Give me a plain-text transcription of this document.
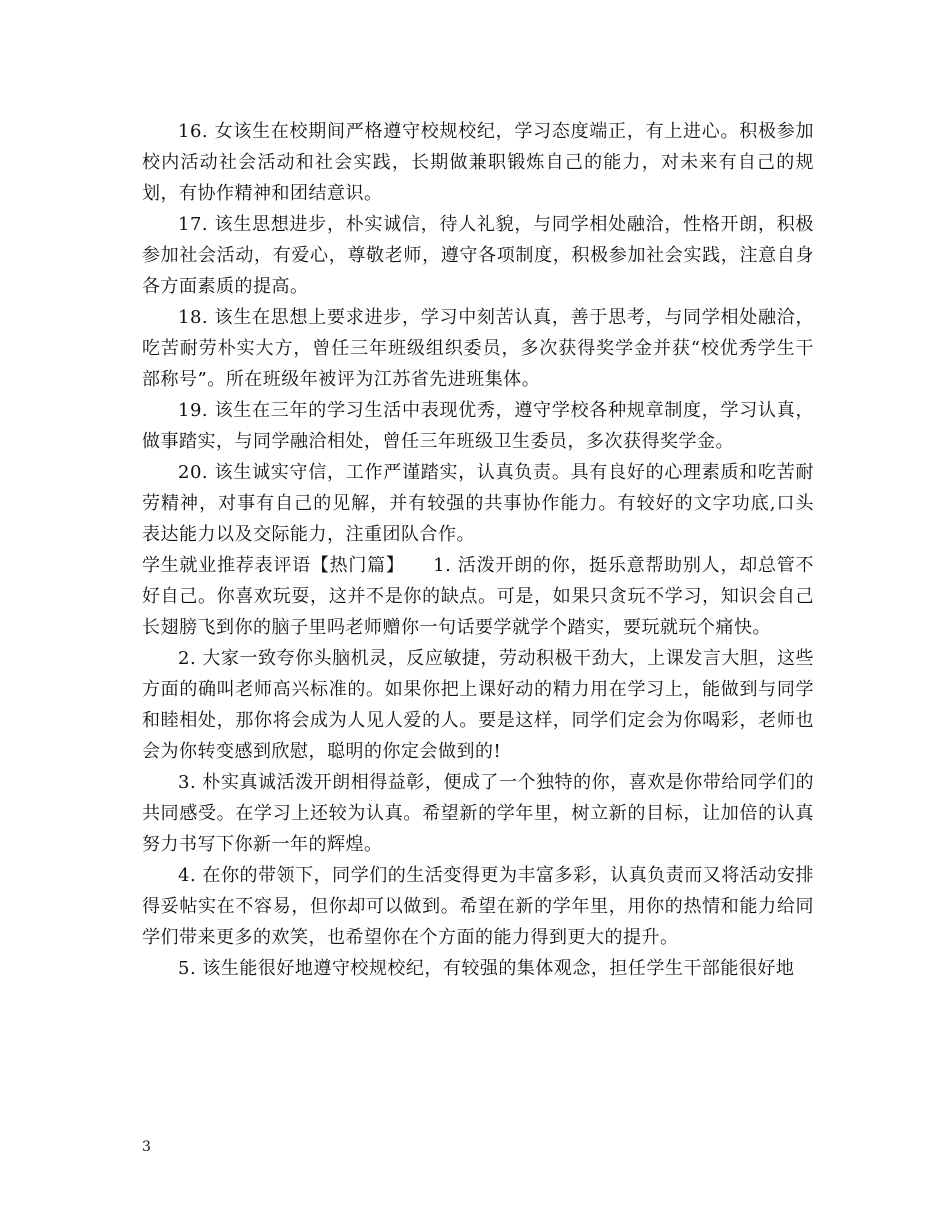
16. 女该生在校期间严格遵守校规校纪，学习态度端正，有上进心。积极参加校内活动社会活动和社会实践，长期做兼职锻炼自己的能力，对未来有自己的规划，有协作精神和团结意识。

17. 该生思想进步，朴实诚信，待人礼貌，与同学相处融洽，性格开朗，积极参加社会活动，有爱心，尊敬老师，遵守各项制度，积极参加社会实践，注意自身各方面素质的提高。

18. 该生在思想上要求进步，学习中刻苦认真，善于思考，与同学相处融洽，吃苦耐劳朴实大方，曾任三年班级组织委员，多次获得奖学金并获“校优秀学生干部称号”。所在班级年被评为江苏省先进班集体。

19. 该生在三年的学习生活中表现优秀，遵守学校各种规章制度，学习认真，做事踏实，与同学融洽相处，曾任三年班级卫生委员，多次获得奖学金。

20. 该生诚实守信，工作严谨踏实，认真负责。具有良好的心理素质和吃苦耐劳精神，对事有自己的见解，并有较强的共事协作能力。有较好的文字功底,口头表达能力以及交际能力，注重团队合作。

学生就业推荐表评语【热门篇】　　1. 活泼开朗的你，挺乐意帮助别人，却总管不好自己。你喜欢玩耍，这并不是你的缺点。可是，如果只贪玩不学习，知识会自己长翅膀飞到你的脑子里吗老师赠你一句话要学就学个踏实，要玩就玩个痛快。

2. 大家一致夸你头脑机灵，反应敏捷，劳动积极干劲大，上课发言大胆，这些方面的确叫老师高兴标准的。如果你把上课好动的精力用在学习上，能做到与同学和睦相处，那你将会成为人见人爱的人。要是这样，同学们定会为你喝彩，老师也会为你转变感到欣慰，聪明的你定会做到的!

3. 朴实真诚活泼开朗相得益彰，便成了一个独特的你，喜欢是你带给同学们的共同感受。在学习上还较为认真。希望新的学年里，树立新的目标，让加倍的认真努力书写下你新一年的辉煌。

4. 在你的带领下，同学们的生活变得更为丰富多彩，认真负责而又将活动安排得妥帖实在不容易，但你却可以做到。希望在新的学年里，用你的热情和能力给同学们带来更多的欢笑，也希望你在个方面的能力得到更大的提升。

5. 该生能很好地遵守校规校纪，有较强的集体观念，担任学生干部能很好地

3
